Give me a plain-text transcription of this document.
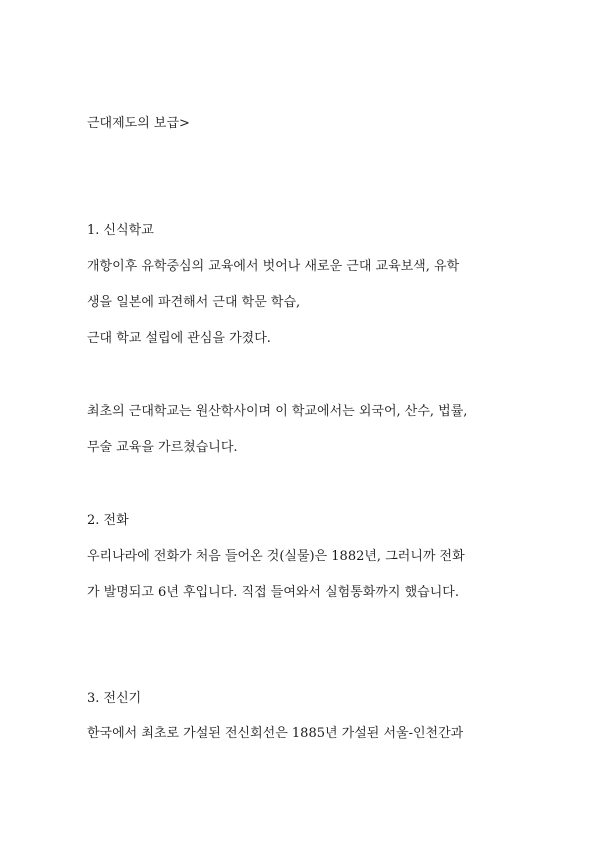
근대제도의 보급>

1. 신식학교

개항이후 유학중심의 교육에서 벗어나 새로운 근대 교육보색, 유학

생을 일본에 파견해서 근대 학문 학습,

근대 학교 설립에 관심을 가졌다.

최초의 근대학교는 원산학사이며 이 학교에서는 외국어, 산수, 법률,

무술 교육을 가르쳤습니다.

2. 전화

우리나라에 전화가 처음 들어온 것(실물)은 1882년, 그러니까 전화

가 발명되고 6년 후입니다. 직접 들여와서 실험통화까지 했습니다.

3. 전신기

한국에서 최초로 가설된 전신회선은 1885년 가설된 서울-인천간과
